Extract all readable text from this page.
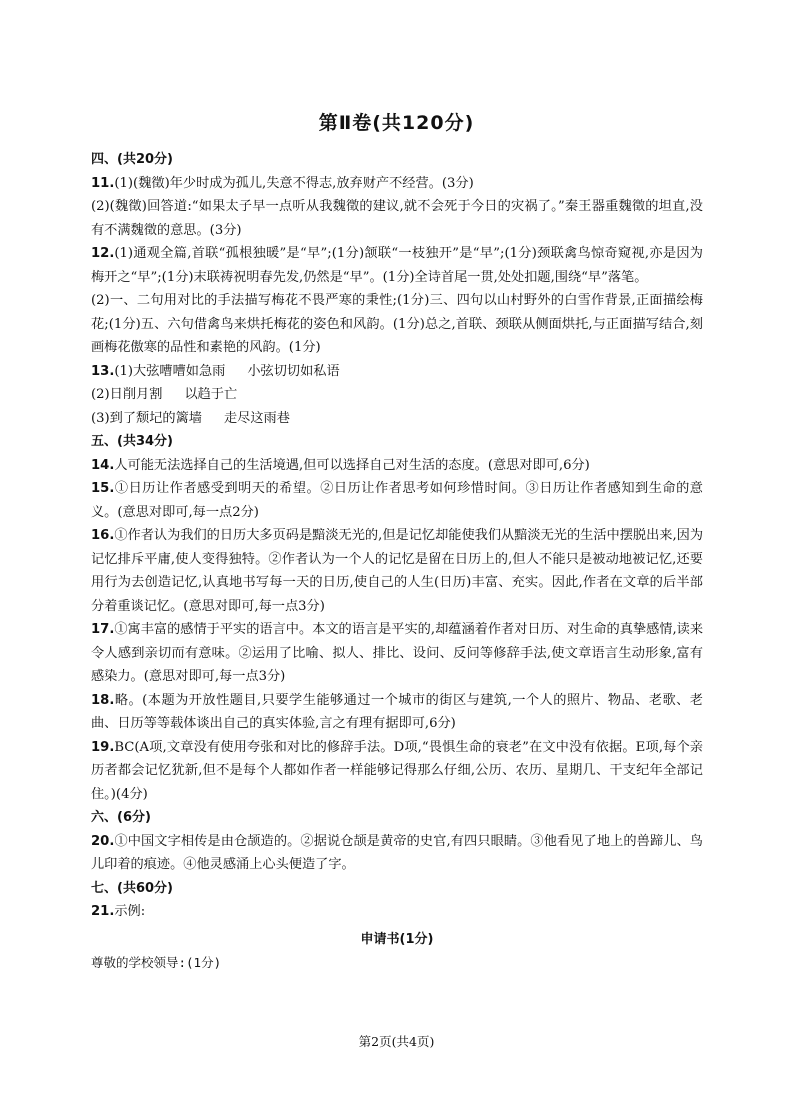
第Ⅱ卷(共120分)

四、(共20分)

11.(1)(魏徵)年少时成为孤儿,失意不得志,放弃财产不经营。(3分)

(2)(魏徵)回答道:“如果太子早一点听从我魏徵的建议,就不会死于今日的灾祸了。”秦王器重魏徵的坦直,没有不满魏徵的意思。(3分)

12.(1)通观全篇,首联“孤根独暖”是“早”;(1分)颔联“一枝独开”是“早”;(1分)颈联禽鸟惊奇窥视,亦是因为梅开之“早”;(1分)末联祷祝明春先发,仍然是“早”。(1分)全诗首尾一贯,处处扣题,围绕“早”落笔。

(2)一、二句用对比的手法描写梅花不畏严寒的秉性;(1分)三、四句以山村野外的白雪作背景,正面描绘梅花;(1分)五、六句借禽鸟来烘托梅花的姿色和风韵。(1分)总之,首联、颈联从侧面烘托,与正面描写结合,刻画梅花傲寒的品性和素艳的风韵。(1分)

13.(1)大弦嘈嘈如急雨 小弦切切如私语

(2)日削月割 以趋于亡

(3)到了颓圮的篱墙 走尽这雨巷

五、(共34分)

14.人可能无法选择自己的生活境遇,但可以选择自己对生活的态度。(意思对即可,6分)

15.①日历让作者感受到明天的希望。②日历让作者思考如何珍惜时间。③日历让作者感知到生命的意义。(意思对即可,每一点2分)

16.①作者认为我们的日历大多页码是黯淡无光的,但是记忆却能使我们从黯淡无光的生活中摆脱出来,因为记忆排斥平庸,使人变得独特。②作者认为一个人的记忆是留在日历上的,但人不能只是被动地被记忆,还要用行为去创造记忆,认真地书写每一天的日历,使自己的人生(日历)丰富、充实。因此,作者在文章的后半部分着重谈记忆。(意思对即可,每一点3分)

17.①寓丰富的感情于平实的语言中。本文的语言是平实的,却蕴涵着作者对日历、对生命的真挚感情,读来令人感到亲切而有意味。②运用了比喻、拟人、排比、设问、反问等修辞手法,使文章语言生动形象,富有感染力。(意思对即可,每一点3分)

18.略。(本题为开放性题目,只要学生能够通过一个城市的街区与建筑,一个人的照片、物品、老歌、老曲、日历等等载体谈出自己的真实体验,言之有理有据即可,6分)

19.BC(A项,文章没有使用夸张和对比的修辞手法。D项,“畏惧生命的衰老”在文中没有依据。E项,每个亲历者都会记忆犹新,但不是每个人都如作者一样能够记得那么仔细,公历、农历、星期几、干支纪年全部记住。)(4分)

六、(6分)

20.①中国文字相传是由仓颉造的。②据说仓颉是黄帝的史官,有四只眼睛。③他看见了地上的兽蹄儿、鸟儿印着的痕迹。④他灵感涌上心头便造了字。

七、(共60分)

21.示例:

申请书(1分)

尊敬的学校领导:(1分)

第2页(共4页)
